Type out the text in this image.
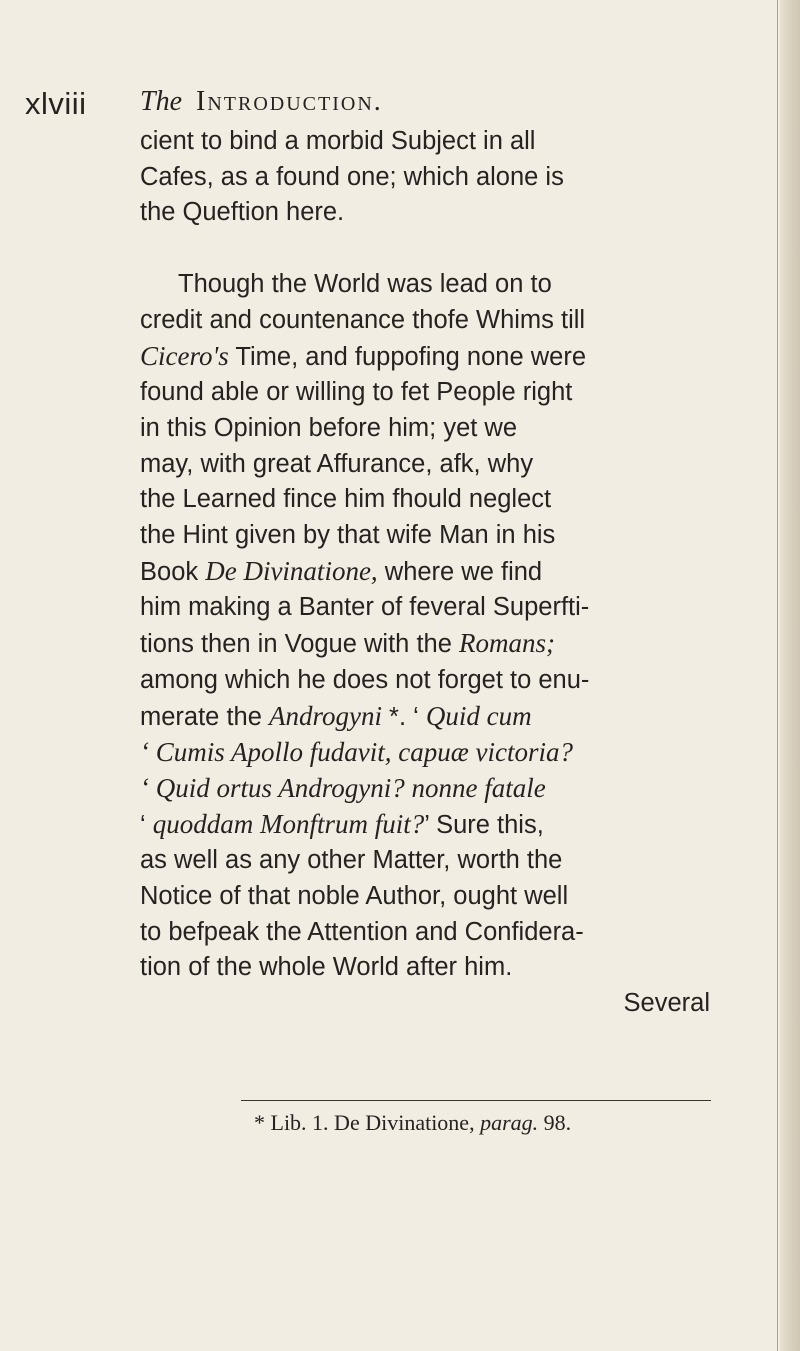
xlviii The Introduction.

cient to bind a morbid Subject in all
Cafes, as a found one; which alone is
the Queftion here.

Though the World was lead on to
credit and countenance thofe Whims till
Cicero's Time, and fuppofing none were
found able or willing to fet People right
in this Opinion before him; yet we
may, with great Affurance, afk, why
the Learned fince him fhould neglect
the Hint given by that wife Man in his
Book De Divinatione, where we find
him making a Banter of feveral Superfti-
tions then in Vogue with the Romans;
among which he does not forget to enu-
merate the Androgyni *. ‘ Quid cum
‘ Cumis Apollo fudavit, capuæ victoria?
‘ Quid ortus Androgyni? nonne fatale
‘ quoddam Monftrum fuit?’ Sure this,
as well as any other Matter, worth the
Notice of that noble Author, ought well
to befpeak the Attention and Confidera-
tion of the whole World after him.
Several

* Lib. 1. De Divinatione, parag. 98.
